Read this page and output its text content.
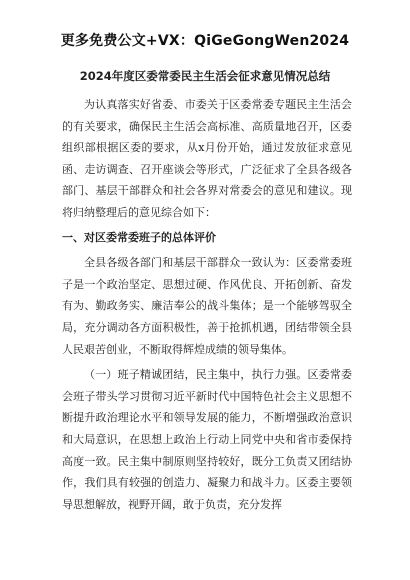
更多免费公文+VX：QiGeGongWen2024
2024年度区委常委民主生活会征求意见情况总结

为认真落实好省委、市委关于区委常委专题民主生活会的有关要求，确保民主生活会高标准、高质量地召开，区委组织部根据区委的要求，从x月份开始，通过发放征求意见函、走访调查、召开座谈会等形式，广泛征求了全县各级各部门、基层干部群众和社会各界对常委会的意见和建议。现将归纳整理后的意见综合如下：

一、对区委常委班子的总体评价

全县各级各部门和基层干部群众一致认为：区委常委班子是一个政治坚定、思想过硬、作风优良、开拓创新、奋发有为、勤政务实、廉洁奉公的战斗集体；是一个能够驾驭全局，充分调动各方面积极性，善于抢抓机遇，团结带领全县人民艰苦创业，不断取得辉煌成绩的领导集体。

（一）班子精诚团结，民主集中，执行力强。区委常委会班子带头学习贯彻习近平新时代中国特色社会主义思想不断提升政治理论水平和领导发展的能力，不断增强政治意识和大局意识，在思想上政治上行动上同党中央和省市委保持高度一致。民主集中制原则坚持较好，既分工负责又团结协作，我们具有较强的创造力、凝聚力和战斗力。区委主要领导思想解放，视野开阔，敢于负责，充分发挥
